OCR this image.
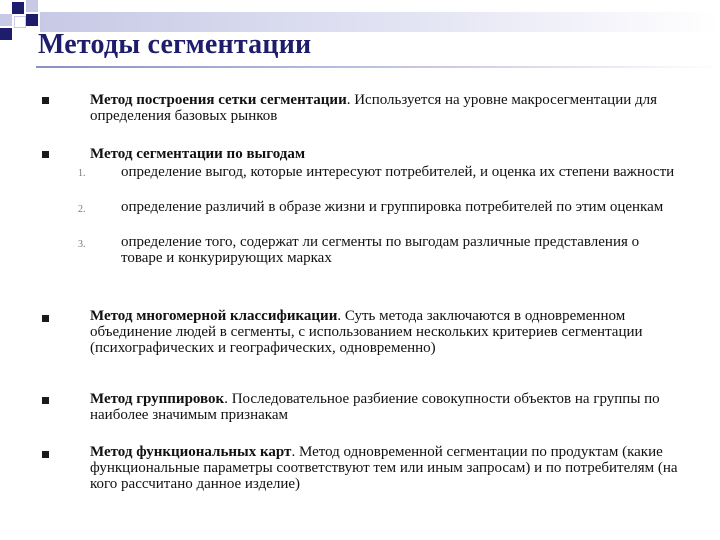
Методы сегментации
Метод построения сетки сегментации. Используется на уровне макросегментации для определения базовых рынков
Метод сегментации по выгодам
1.	определение выгод, которые интересуют потребителей, и оценка их степени важности
2.	определение различий в образе жизни и группировка потребителей по этим оценкам
3.	определение того, содержат ли сегменты по выгодам различные представления о товаре и конкурирующих марках
Метод многомерной классификации. Суть метода заключаются в одновременном объединение людей в сегменты, с использованием нескольких критериев сегментации (психографических и географических, одновременно)
Метод группировок. Последовательное разбиение совокупности объектов на группы по наиболее значимым признакам
Метод функциональных карт. Метод одновременной сегментации по продуктам (какие функциональные параметры соответствуют тем или иным запросам) и по потребителям (на кого рассчитано данное изделие)
